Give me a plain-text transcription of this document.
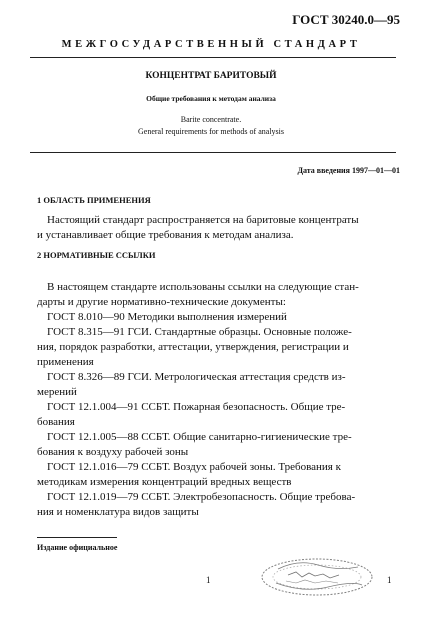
ГОСТ 30240.0—95
МЕЖГОСУДАРСТВЕННЫЙ СТАНДАРТ
КОНЦЕНТРАТ БАРИТОВЫЙ
Общие требования к методам анализа
Barite concentrate.
General requirements for methods of analysis
Дата введения 1997—01—01
1 ОБЛАСТЬ ПРИМЕНЕНИЯ
Настоящий стандарт распространяется на баритовые концентраты
и устанавливает общие требования к методам анализа.
2 НОРМАТИВНЫЕ ССЫЛКИ
В настоящем стандарте использованы ссылки на следующие стан-
дарты и другие нормативно-технические документы:
ГОСТ 8.010—90 Методики выполнения измерений
ГОСТ 8.315—91 ГСИ. Стандартные образцы. Основные положе-
ния, порядок разработки, аттестации, утверждения, регистрации и
применения
ГОСТ 8.326—89 ГСИ. Метрологическая аттестация средств из-
мерений
ГОСТ 12.1.004—91 ССБТ. Пожарная безопасность. Общие тре-
бования
ГОСТ 12.1.005—88 ССБТ. Общие санитарно-гигиенические тре-
бования к воздуху рабочей зоны
ГОСТ 12.1.016—79 ССБТ. Воздух рабочей зоны. Требования к
методикам измерения концентраций вредных веществ
ГОСТ 12.1.019—79 ССБТ. Электробезопасность. Общие требова-
ния и номенклатура видов защиты
Издание официальное
1	1
